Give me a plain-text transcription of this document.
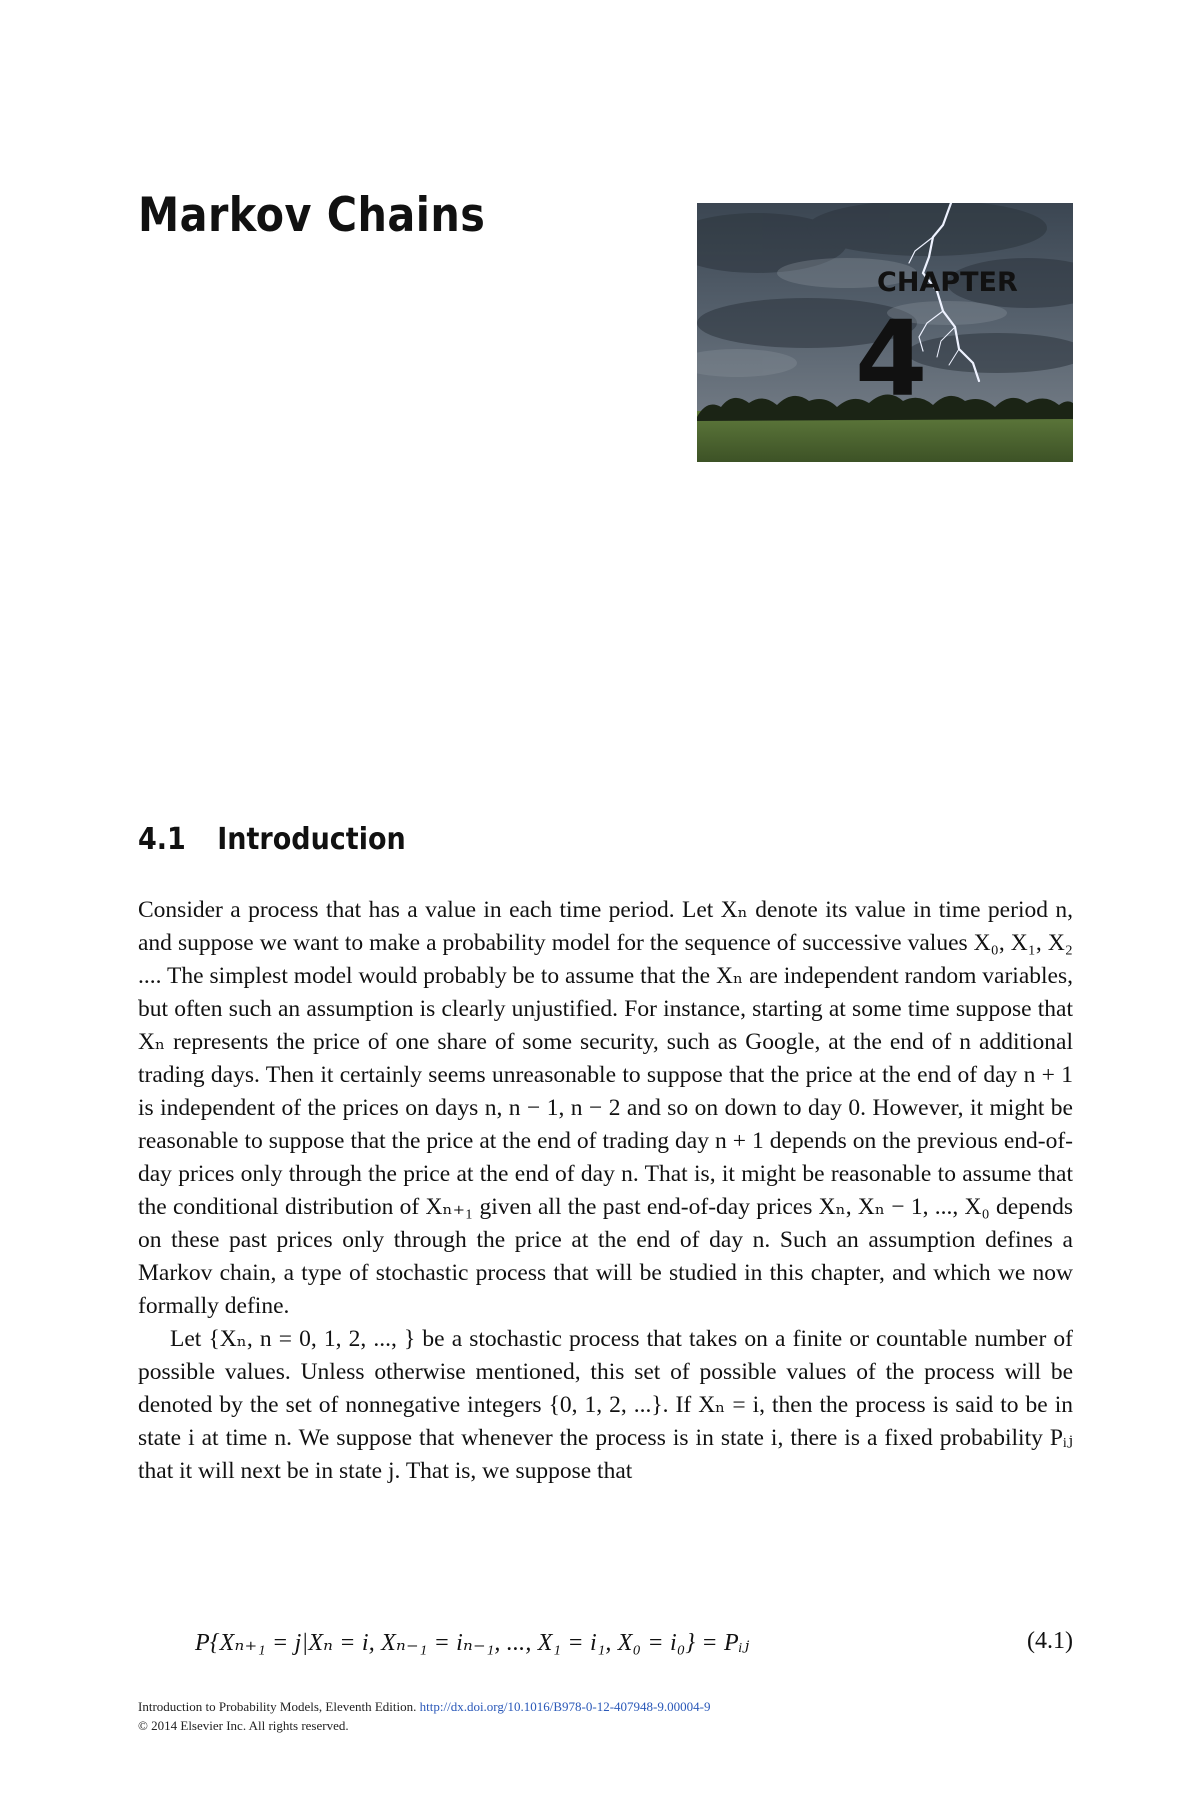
Markov Chains
CHAPTER
4
4.1 Introduction

Consider a process that has a value in each time period. Let Xₙ denote its value in time period n, and suppose we want to make a probability model for the sequence of successive values X₀, X₁, X₂ .... The simplest model would probably be to assume that the Xₙ are independent random variables, but often such an assumption is clearly unjustified. For instance, starting at some time suppose that Xₙ represents the price of one share of some security, such as Google, at the end of n additional trading days. Then it certainly seems unreasonable to suppose that the price at the end of day n + 1 is independent of the prices on days n, n − 1, n − 2 and so on down to day 0. However, it might be reasonable to suppose that the price at the end of trading day n + 1 depends on the previous end-of-day prices only through the price at the end of day n. That is, it might be reasonable to assume that the conditional distribution of Xₙ₊₁ given all the past end-of-day prices Xₙ, Xₙ − 1, ..., X₀ depends on these past prices only through the price at the end of day n. Such an assumption defines a Markov chain, a type of stochastic process that will be studied in this chapter, and which we now formally define.

Let {Xₙ, n = 0, 1, 2, ..., } be a stochastic process that takes on a finite or countable number of possible values. Unless otherwise mentioned, this set of possible values of the process will be denoted by the set of nonnegative integers {0, 1, 2, ...}. If Xₙ = i, then the process is said to be in state i at time n. We suppose that whenever the process is in state i, there is a fixed probability Pᵢⱼ that it will next be in state j. That is, we suppose that

P{Xₙ₊₁ = j|Xₙ = i, Xₙ₋₁ = iₙ₋₁, ..., X₁ = i₁, X₀ = i₀} = Pᵢⱼ	(4.1)
Introduction to Probability Models, Eleventh Edition. http://dx.doi.org/10.1016/B978-0-12-407948-9.00004-9
© 2014 Elsevier Inc. All rights reserved.
